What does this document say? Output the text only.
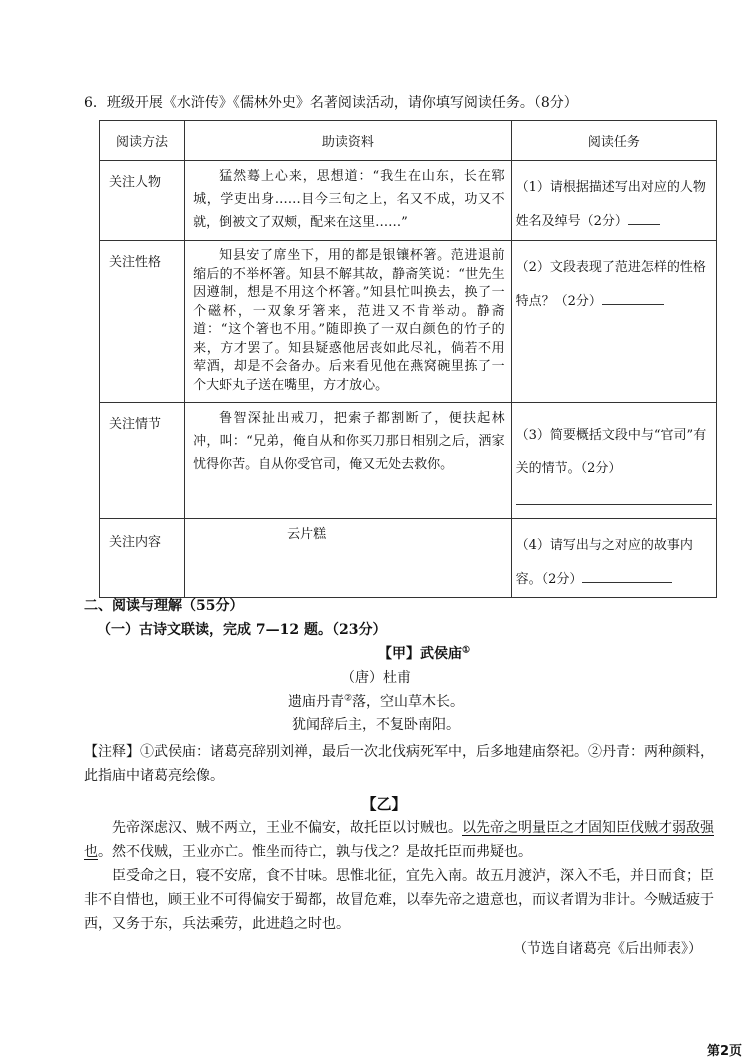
6．班级开展《水浒传》《儒林外史》名著阅读活动，请你填写阅读任务。（8分）
阅读方法	助读资料	阅读任务
关注人物	猛然蓦上心来，思想道：“我生在山东，长在郓城，学吏出身……目今三旬之上，名又不成，功又不就，倒被文了双颊，配来在这里……”	（1）请根据描述写出对应的人物姓名及绰号（2分）
关注性格	知县安了席坐下，用的都是银镶杯箸。范进退前缩后的不举杯箸。知县不解其故，静斋笑说：“世先生因遵制，想是不用这个杯箸。”知县忙叫换去，换了一个磁杯，一双象牙箸来，范进又不肯举动。静斋道：“这个箸也不用。”随即换了一双白颜色的竹子的来，方才罢了。知县疑惑他居丧如此尽礼，倘若不用荤酒，却是不会备办。后来看见他在燕窝碗里拣了一个大虾丸子送在嘴里，方才放心。	（2）文段表现了范进怎样的性格特点？（2分）
关注情节	鲁智深扯出戒刀，把索子都割断了，便扶起林冲，叫：“兄弟，俺自从和你买刀那日相别之后，洒家忧得你苦。自从你受官司，俺又无处去救你。	（3）简要概括文段中与“官司”有关的情节。（2分）

关注内容	云片糕	（4）请写出与之对应的故事内容。（2分）
二、阅读与理解（55分）
（一）古诗文联读，完成 7—12 题。（23分）
【甲】武侯庙①
（唐）杜甫
遗庙丹青②落，空山草木长。
犹闻辞后主，不复卧南阳。
【注释】①武侯庙：诸葛亮辞别刘禅，最后一次北伐病死军中，后多地建庙祭祀。②丹青：两种颜料，此指庙中诸葛亮绘像。
【乙】
先帝深虑汉、贼不两立，王业不偏安，故托臣以讨贼也。以先帝之明量臣之才固知臣伐贼才弱敌强也。然不伐贼，王业亦亡。惟坐而待亡，孰与伐之？是故托臣而弗疑也。
臣受命之日，寝不安席，食不甘味。思惟北征，宜先入南。故五月渡泸，深入不毛，并日而食；臣非不自惜也，顾王业不可得偏安于蜀都，故冒危难，以奉先帝之遗意也，而议者谓为非计。今贼适疲于西，又务于东，兵法乘劳，此进趋之时也。
（节选自诸葛亮《后出师表》）
第2页
